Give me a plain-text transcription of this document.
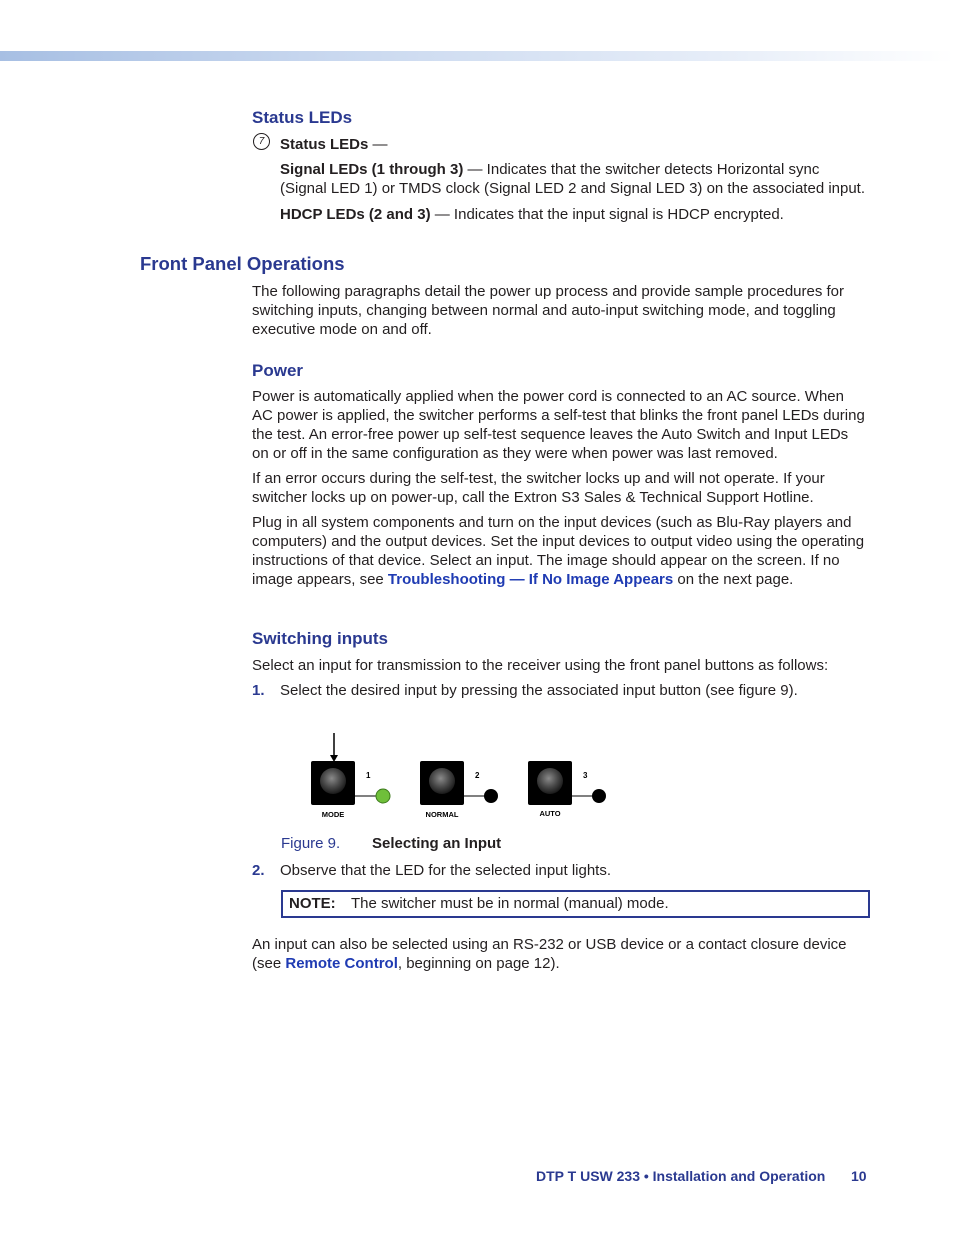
Status LEDs
7	Status LEDs —

Signal LEDs (1 through 3) — Indicates that the switcher detects Horizontal sync (Signal LED 1) or TMDS clock (Signal LED 2 and Signal LED 3) on the associated input.

HDCP LEDs (2 and 3) — Indicates that the input signal is HDCP encrypted.

Front Panel Operations

The following paragraphs detail the power up process and provide sample procedures for switching inputs, changing between normal and auto-input switching mode, and toggling executive mode on and off.

Power

Power is automatically applied when the power cord is connected to an AC source. When AC power is applied, the switcher performs a self-test that blinks the front panel LEDs during the test. An error-free power up self-test sequence leaves the Auto Switch and Input LEDs on or off in the same configuration as they were when power was last removed.

If an error occurs during the self-test, the switcher locks up and will not operate. If your switcher locks up on power-up, call the Extron S3 Sales & Technical Support Hotline.

Plug in all system components and turn on the input devices (such as Blu-Ray players and computers) and the output devices. Set the input devices to output video using the operating instructions of that device. Select an input. The image should appear on the screen. If no image appears, see Troubleshooting — If No Image Appears on the next page.

Switching inputs

Select an input for transmission to the receiver using the front panel buttons as follows:

1. Select the desired input by pressing the associated input button (see figure 9).
1
MODE
2
NORMAL
3
AUTO
Figure 9. Selecting an Input
2. Observe that the LED for the selected input lights.
NOTE: The switcher must be in normal (manual) mode.

An input can also be selected using an RS-232 or USB device or a contact closure device (see Remote Control, beginning on page 12).

DTP T USW 233 • Installation and Operation 10
